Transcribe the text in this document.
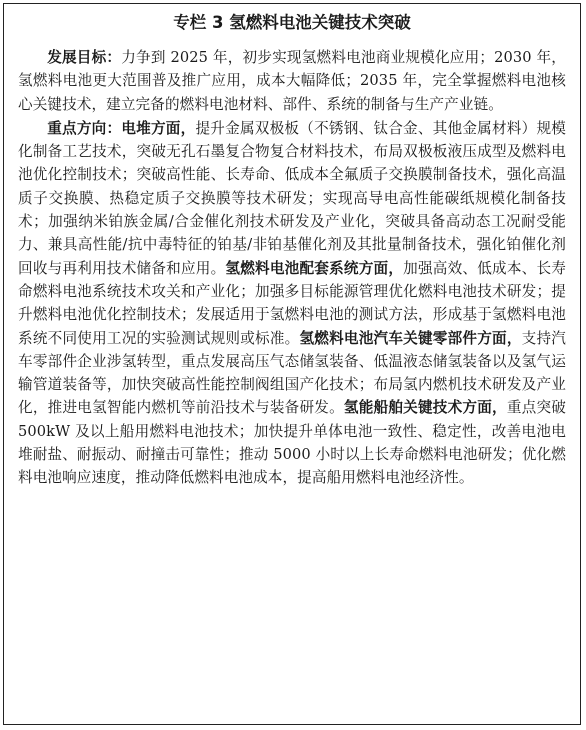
专栏 3 氢燃料电池关键技术突破

发展目标：力争到 2025 年，初步实现氢燃料电池商业规模化应用；2030 年，氢燃料电池更大范围普及推广应用，成本大幅降低；2035 年，完全掌握燃料电池核心关键技术，建立完备的燃料电池材料、部件、系统的制备与生产产业链。

重点方向：电堆方面，提升金属双极板（不锈钢、钛合金、其他金属材料）规模化制备工艺技术，突破无孔石墨复合物复合材料技术，布局双极板液压成型及燃料电池优化控制技术；突破高性能、长寿命、低成本全氟质子交换膜制备技术，强化高温质子交换膜、热稳定质子交换膜等技术研发；实现高导电高性能碳纸规模化制备技术；加强纳米铂族金属/合金催化剂技术研发及产业化，突破具备高动态工况耐受能力、兼具高性能/抗中毒特征的铂基/非铂基催化剂及其批量制备技术，强化铂催化剂回收与再利用技术储备和应用。氢燃料电池配套系统方面，加强高效、低成本、长寿命燃料电池系统技术攻关和产业化；加强多目标能源管理优化燃料电池技术研发；提升燃料电池优化控制技术；发展适用于氢燃料电池的测试方法，形成基于氢燃料电池系统不同使用工况的实验测试规则或标准。氢燃料电池汽车关键零部件方面，支持汽车零部件企业涉氢转型，重点发展高压气态储氢装备、低温液态储氢装备以及氢气运输管道装备等，加快突破高性能控制阀组国产化技术；布局氢内燃机技术研发及产业化，推进电氢智能内燃机等前沿技术与装备研发。氢能船舶关键技术方面，重点突破 500kW 及以上船用燃料电池技术；加快提升单体电池一致性、稳定性，改善电池电堆耐盐、耐振动、耐撞击可靠性；推动 5000 小时以上长寿命燃料电池研发；优化燃料电池响应速度，推动降低燃料电池成本，提高船用燃料电池经济性。
